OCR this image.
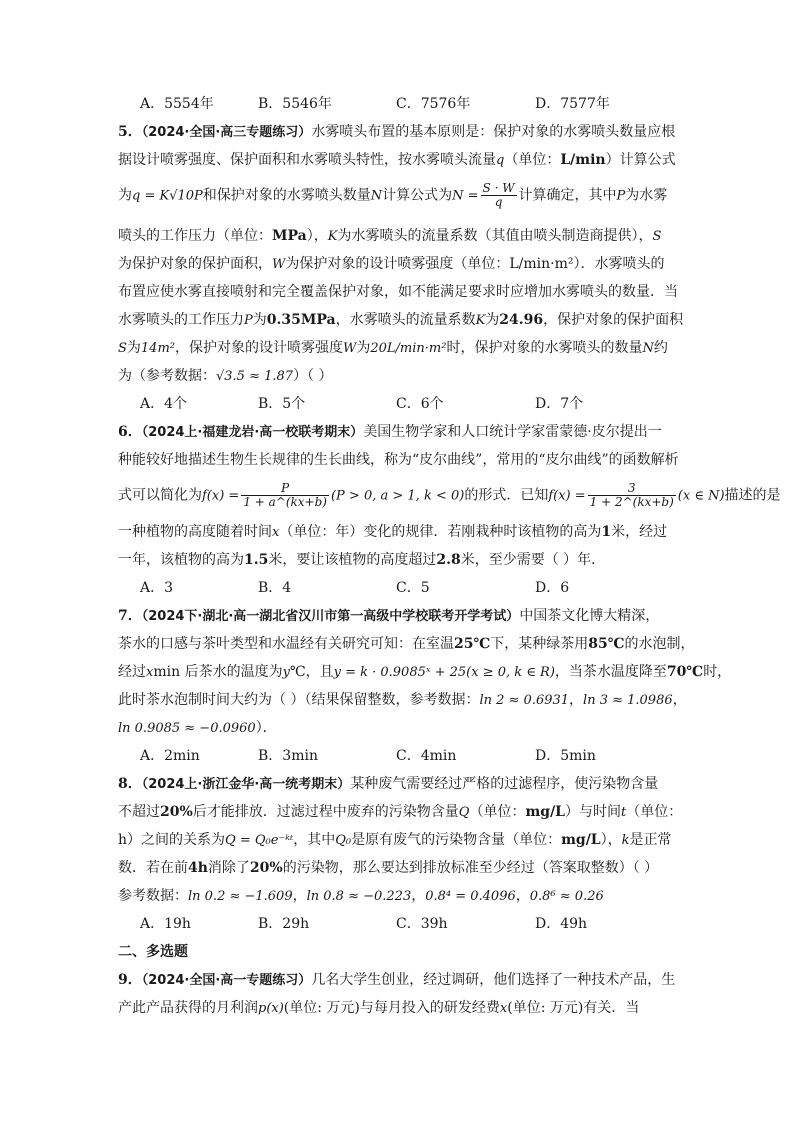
A．5554年	B．5546年	C．7576年	D．7577年
5．（2024·全国·高三专题练习）水雾喷头布置的基本原则是：保护对象的水雾喷头数量应根
据设计喷雾强度、保护面积和水雾喷头特性，按水雾喷头流量q（单位：L/min）计算公式
为q = K√10P和保护对象的水雾喷头数量N计算公式为$N = \frac{S \cdot W}{q}$ 计算确定，其中P为水雾
喷头的工作压力（单位：MPa），K为水雾喷头的流量系数（其值由喷头制造商提供），S
为保护对象的保护面积，W为保护对象的设计喷雾强度（单位：L/min·m²）．水雾喷头的
布置应使水雾直接喷射和完全覆盖保护对象，如不能满足要求时应增加水雾喷头的数量．当
水雾喷头的工作压力P为0.35MPa，水雾喷头的流量系数K为24.96，保护对象的保护面积
S为14m²，保护对象的设计喷雾强度W为20L/min·m²时，保护对象的水雾喷头的数量N约
为（参考数据：√3.5 ≈ 1.87）（ ）
A．4个	B．5个	C．6个	D．7个
6．（2024上·福建龙岩·高一校联考期末）美国生物学家和人口统计学家雷蒙德·皮尔提出一
种能较好地描述生物生长规律的生长曲线，称为“皮尔曲线”，常用的“皮尔曲线”的函数解析
式可以简化为$f(x) = \frac{P}{1 + a\^{}(kx+b)} (P > 0$, a > 1, k < 0)的形式．已知$f(x) = \frac{3}{1 + 2\^{}(kx+b)} (x$ ∈ N)描述的是
一种植物的高度随着时间x（单位：年）变化的规律．若刚栽种时该植物的高为1米，经过
一年，该植物的高为1.5米，要让该植物的高度超过2.8米，至少需要（ ）年．
A．3	B．4	C．5	D．6
7．（2024下·湖北·高一湖北省汉川市第一高级中学校联考开学考试）中国茶文化博大精深，
茶水的口感与茶叶类型和水温经有关研究可知：在室温25℃下，某种绿茶用85℃的水泡制，
经过xmin 后茶水的温度为y℃，且y = k · 0.9085ˣ + 25(x ≥ 0, k ∈ R)，当茶水温度降至70℃时，
此时茶水泡制时间大约为（ ）（结果保留整数，参考数据：ln 2 ≈ 0.6931，ln 3 ≈ 1.0986，
ln 0.9085 ≈ −0.0960）．
A．2min	B．3min	C．4min	D．5min
8．（2024上·浙江金华·高一统考期末）某种废气需要经过严格的过滤程序，使污染物含量
不超过20%后才能排放．过滤过程中废弃的污染物含量Q（单位：mg/L）与时间t（单位：
h）之间的关系为Q = Q₀e⁻ᵏᵗ，其中Q₀是原有废气的污染物含量（单位：mg/L），k是正常
数．若在前4h消除了20%的污染物，那么要达到排放标准至少经过（答案取整数）（ ）
参考数据：ln 0.2 ≈ −1.609，ln 0.8 ≈ −0.223，0.8⁴ = 0.4096，0.8⁶ ≈ 0.26
A．19h	B．29h	C．39h	D．49h
二、多选题
9．（2024·全国·高一专题练习）几名大学生创业，经过调研，他们选择了一种技术产品，生
产此产品获得的月利润p(x)(单位: 万元)与每月投入的研发经费x(单位: 万元)有关．当
